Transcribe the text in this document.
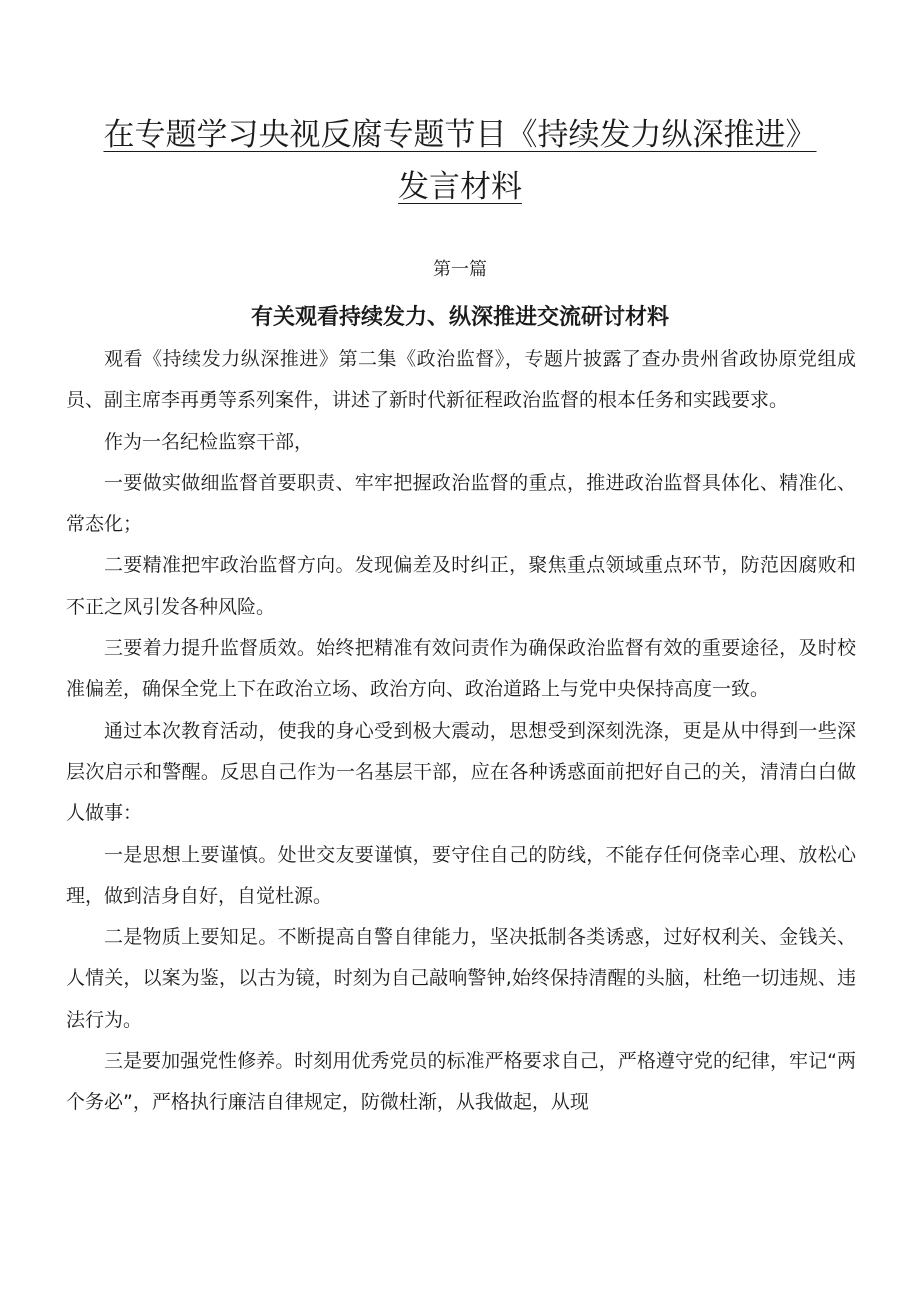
在专题学习央视反腐专题节目《持续发力纵深推进》
发言材料
第一篇
有关观看持续发力、纵深推进交流研讨材料

观看《持续发力纵深推进》第二集《政治监督》，专题片披露了查办贵州省政协原党组成员、副主席李再勇等系列案件，讲述了新时代新征程政治监督的根本任务和实践要求。

作为一名纪检监察干部，

一要做实做细监督首要职责、牢牢把握政治监督的重点，推进政治监督具体化、精准化、常态化；

二要精准把牢政治监督方向。发现偏差及时纠正，聚焦重点领域重点环节，防范因腐败和不正之风引发各种风险。

三要着力提升监督质效。始终把精准有效问责作为确保政治监督有效的重要途径，及时校准偏差，确保全党上下在政治立场、政治方向、政治道路上与党中央保持高度一致。

通过本次教育活动，使我的身心受到极大震动，思想受到深刻洗涤，更是从中得到一些深层次启示和警醒。反思自己作为一名基层干部，应在各种诱惑面前把好自己的关，清清白白做人做事：

一是思想上要谨慎。处世交友要谨慎，要守住自己的防线，不能存任何侥幸心理、放松心理，做到洁身自好，自觉杜源。

二是物质上要知足。不断提高自警自律能力，坚决抵制各类诱惑，过好权利关、金钱关、人情关，以案为鉴，以古为镜，时刻为自己敲响警钟,始终保持清醒的头脑，杜绝一切违规、违法行为。

三是要加强党性修养。时刻用优秀党员的标准严格要求自己，严格遵守党的纪律，牢记“两个务必”，严格执行廉洁自律规定，防微杜渐，从我做起，从现
